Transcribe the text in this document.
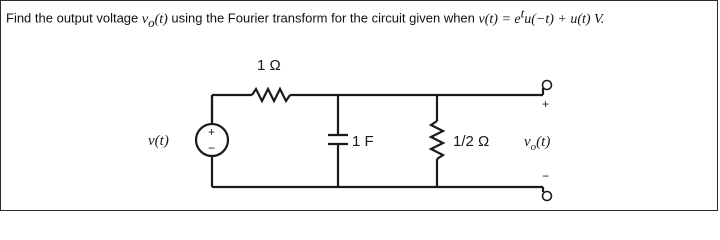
Find the output voltage $v_o(t)$ using the Fourier transform for the circuit given when $v(t) = e^tu(-t) + u(t)$ V.
+
−
v(t)	1 F	1/2 Ω
1 Ω
+
−
$v_o(t)$
